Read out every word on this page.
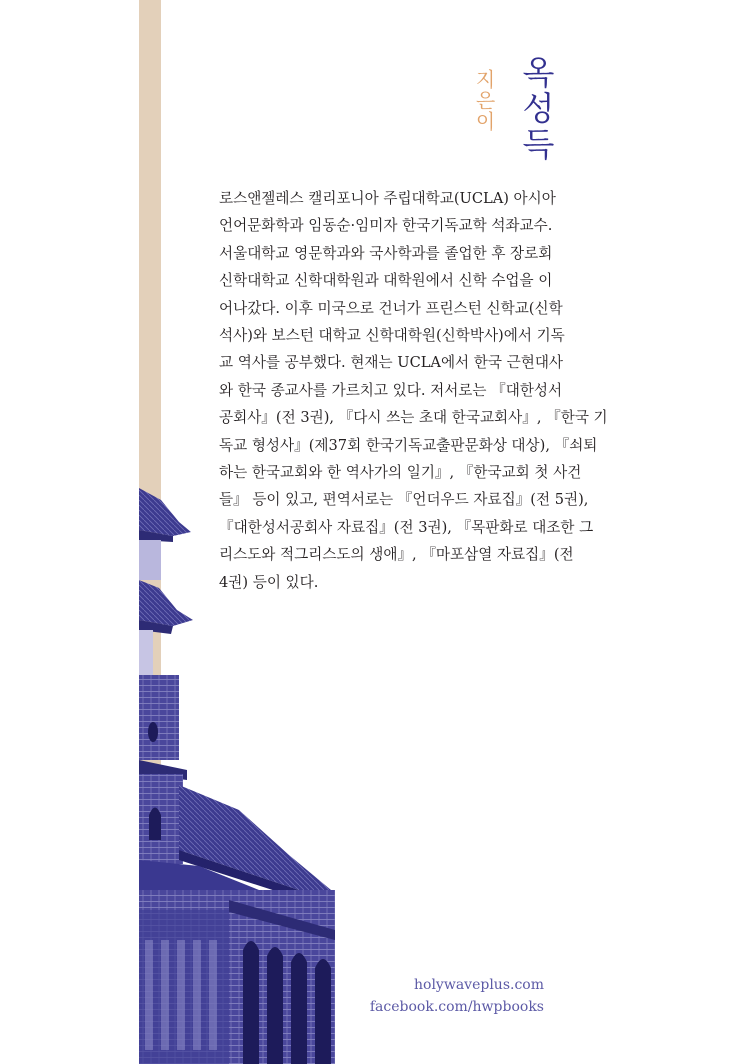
지은이 옥성득
로스앤젤레스 캘리포니아 주립대학교(UCLA) 아시아
언어문화학과 임동순·임미자 한국기독교학 석좌교수.
서울대학교 영문학과와 국사학과를 졸업한 후 장로회
신학대학교 신학대학원과 대학원에서 신학 수업을 이
어나갔다. 이후 미국으로 건너가 프린스턴 신학교(신학
석사)와 보스턴 대학교 신학대학원(신학박사)에서 기독
교 역사를 공부했다. 현재는 UCLA에서 한국 근현대사
와 한국 종교사를 가르치고 있다. 저서로는 『대한성서
공회사』(전 3권), 『다시 쓰는 초대 한국교회사』, 『한국 기
독교 형성사』(제37회 한국기독교출판문화상 대상), 『쇠퇴
하는 한국교회와 한 역사가의 일기』, 『한국교회 첫 사건
들』 등이 있고, 편역서로는 『언더우드 자료집』(전 5권),
『대한성서공회사 자료집』(전 3권), 『목판화로 대조한 그
리스도와 적그리스도의 생애』, 『마포삼열 자료집』(전
4권) 등이 있다.
holywaveplus.com
facebook.com/hwpbooks
